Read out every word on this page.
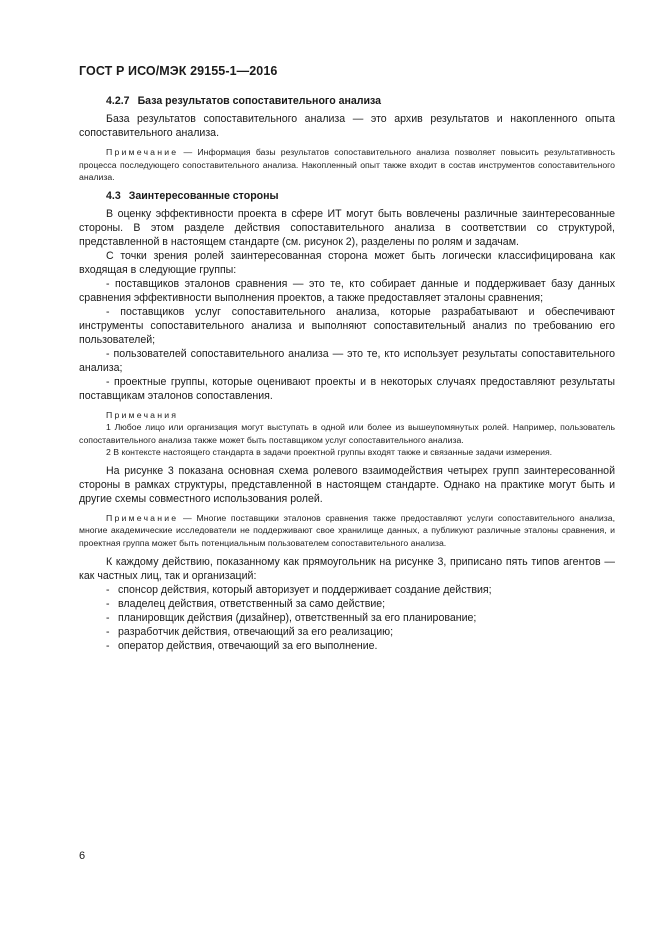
ГОСТ Р ИСО/МЭК 29155-1—2016
4.2.7 База результатов сопоставительного анализа

База результатов сопоставительного анализа — это архив результатов и накопленного опыта сопоставительного анализа.

Примечание — Информация базы результатов сопоставительного анализа позволяет повысить результативность процесса последующего сопоставительного анализа. Накопленный опыт также входит в состав инструментов сопоставительного анализа.

4.3 Заинтересованные стороны

В оценку эффективности проекта в сфере ИТ могут быть вовлечены различные заинтересованные стороны. В этом разделе действия сопоставительного анализа в соответствии со структурой, представленной в настоящем стандарте (см. рисунок 2), разделены по ролям и задачам.

С точки зрения ролей заинтересованная сторона может быть логически классифицирована как входящая в следующие группы:

- поставщиков эталонов сравнения — это те, кто собирает данные и поддерживает базу данных сравнения эффективности выполнения проектов, а также предоставляет эталоны сравнения;

- поставщиков услуг сопоставительного анализа, которые разрабатывают и обеспечивают инструменты сопоставительного анализа и выполняют сопоставительный анализ по требованию его пользователей;

- пользователей сопоставительного анализа — это те, кто использует результаты сопоставительного анализа;

- проектные группы, которые оценивают проекты и в некоторых случаях предоставляют результаты поставщикам эталонов сопоставления.

Примечания

1 Любое лицо или организация могут выступать в одной или более из вышеупомянутых ролей. Например, пользователь сопоставительного анализа также может быть поставщиком услуг сопоставительного анализа.

2 В контексте настоящего стандарта в задачи проектной группы входят также и связанные задачи измерения.

На рисунке 3 показана основная схема ролевого взаимодействия четырех групп заинтересованной стороны в рамках структуры, представленной в настоящем стандарте. Однако на практике могут быть и другие схемы совместного использования ролей.

Примечание — Многие поставщики эталонов сравнения также предоставляют услуги сопоставительного анализа, многие академические исследователи не поддерживают свое хранилище данных, а публикуют различные эталоны сравнения, и проектная группа может быть потенциальным пользователем сопоставительного анализа.

К каждому действию, показанному как прямоугольник на рисунке 3, приписано пять типов агентов — как частных лиц, так и организаций:

- спонсор действия, который авторизует и поддерживает создание действия;
- владелец действия, ответственный за само действие;
- планировщик действия (дизайнер), ответственный за его планирование;
- разработчик действия, отвечающий за его реализацию;
- оператор действия, отвечающий за его выполнение.
6
